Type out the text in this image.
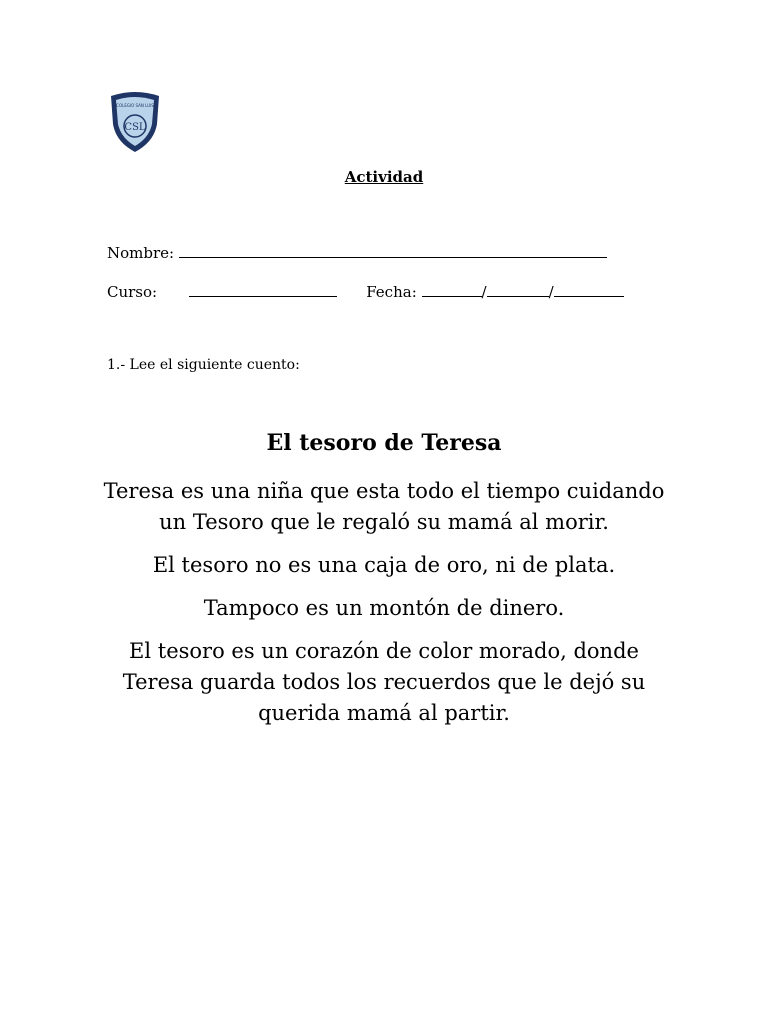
COLEGIO SAN LUIS
CSL
Actividad
Nombre:
Curso:	Fecha:	/	/
1.- Lee el siguiente cuento:
El tesoro de Teresa

Teresa es una niña que esta todo el tiempo cuidando un Tesoro que le regaló su mamá al morir.

El tesoro no es una caja de oro, ni de plata.

Tampoco es un montón de dinero.

El tesoro es un corazón de color morado, donde Teresa guarda todos los recuerdos que le dejó su querida mamá al partir.
